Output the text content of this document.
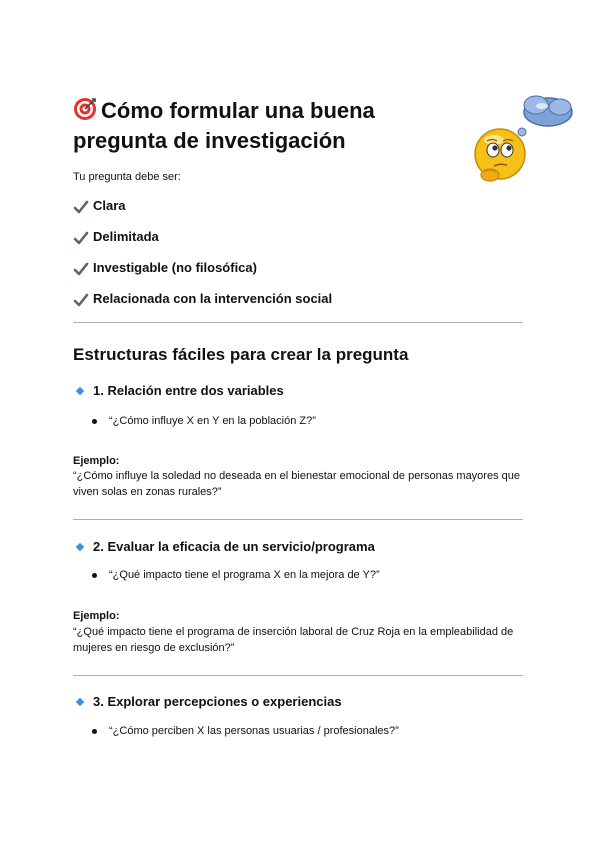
Cómo formular una buena pregunta de investigación
Tu pregunta debe ser:
Clara
Delimitada
Investigable (no filosófica)
Relacionada con la intervención social
Estructuras fáciles para crear la pregunta
1. Relación entre dos variables
“¿Cómo influye X en Y en la población Z?”
Ejemplo:

“¿Cómo influye la soledad no deseada en el bienestar emocional de personas mayores que viven solas en zonas rurales?”

2. Evaluar la eficacia de un servicio/programa
“¿Qué impacto tiene el programa X en la mejora de Y?”
Ejemplo:

“¿Qué impacto tiene el programa de inserción laboral de Cruz Roja en la empleabilidad de mujeres en riesgo de exclusión?”

3. Explorar percepciones o experiencias
“¿Cómo perciben X las personas usuarias / profesionales?”
